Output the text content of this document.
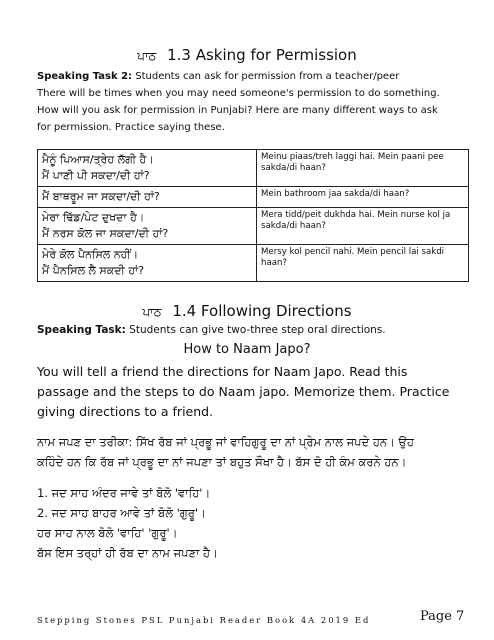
ਪਾਠ 1.3 Asking for Permission
Speaking Task 2: Students can ask for permission from a teacher/peer
There will be times when you may need someone's permission to do something.
How will you ask for permission in Punjabi? Here are many different ways to ask
for permission. Practice saying these.
ਮੈਨੂੰ ਪਿਆਸ/ਤ੍ਰੇਹ ਲੱਗੀ ਹੈ।
ਮੈਂ ਪਾਣੀ ਪੀ ਸਕਦਾ/ਦੀ ਹਾਂ?	Meinu piaas/treh laggi hai. Mein paani pee sakda/di haan?

ਮੈਂ ਬਾਥਰੂਮ ਜਾ ਸਕਦਾ/ਦੀ ਹਾਂ?	Mein bathroom jaa sakda/di haan?

ਮੇਰਾ ਢਿੱਡ/ਪੇਟ ਦੁਖਦਾ ਹੈ।
ਮੈਂ ਨਰਸ ਕੋਲ ਜਾ ਸਕਦਾ/ਦੀ ਹਾਂ?	Mera tidd/peit dukhda hai. Mein nurse kol ja sakda/di haan?

ਮੇਰੇ ਕੋਲ ਪੈਨਸਿਲ ਨਹੀਂ।
ਮੈਂ ਪੈਨਸਿਲ ਲੈ ਸਕਦੀ ਹਾਂ?	Mersy kol pencil nahi. Mein pencil lai sakdi haan?
ਪਾਠ 1.4 Following Directions
Speaking Task: Students can give two-three step oral directions.
How to Naam Japo?
You will tell a friend the directions for Naam Japo. Read this
passage and the steps to do Naam japo. Memorize them. Practice
giving directions to a friend.
ਨਾਮ ਜਪਣ ਦਾ ਤਰੀਕਾ: ਸਿੱਖ ਰੱਬ ਜਾਂ ਪ੍ਰਭੂ ਜਾਂ ਵਾਹਿਗੁਰੂ ਦਾ ਨਾਂ ਪ੍ਰੇਮ ਨਾਲ ਜਪਦੇ ਹਨ। ਉਹ
ਕਹਿੰਦੇ ਹਨ ਕਿ ਰੱਬ ਜਾਂ ਪ੍ਰਭੂ ਦਾ ਨਾਂ ਜਪਣਾ ਤਾਂ ਬਹੁਤ ਸੌਖਾ ਹੈ। ਬੱਸ ਦੋ ਹੀ ਕੰਮ ਕਰਨੇ ਹਨ।
1. ਜਦ ਸਾਹ ਅੰਦਰ ਜਾਵੇ ਤਾਂ ਬੋਲੋ 'ਵਾਹਿ'।
2. ਜਦ ਸਾਹ ਬਾਹਰ ਆਵੇ ਤਾਂ ਬੋਲੋ 'ਗੁਰੂ'।
ਹਰ ਸਾਹ ਨਾਲ ਬੋਲੋ 'ਵਾਹਿ' 'ਗੁਰੂ'।
ਬੱਸ ਇਸ ਤਰ੍ਹਾਂ ਹੀ ਰੱਬ ਦਾ ਨਾਮ ਜਪਣਾ ਹੈ।
Stepping Stones PSL Punjabi Reader Book 4A 2019 Ed	Page 7
